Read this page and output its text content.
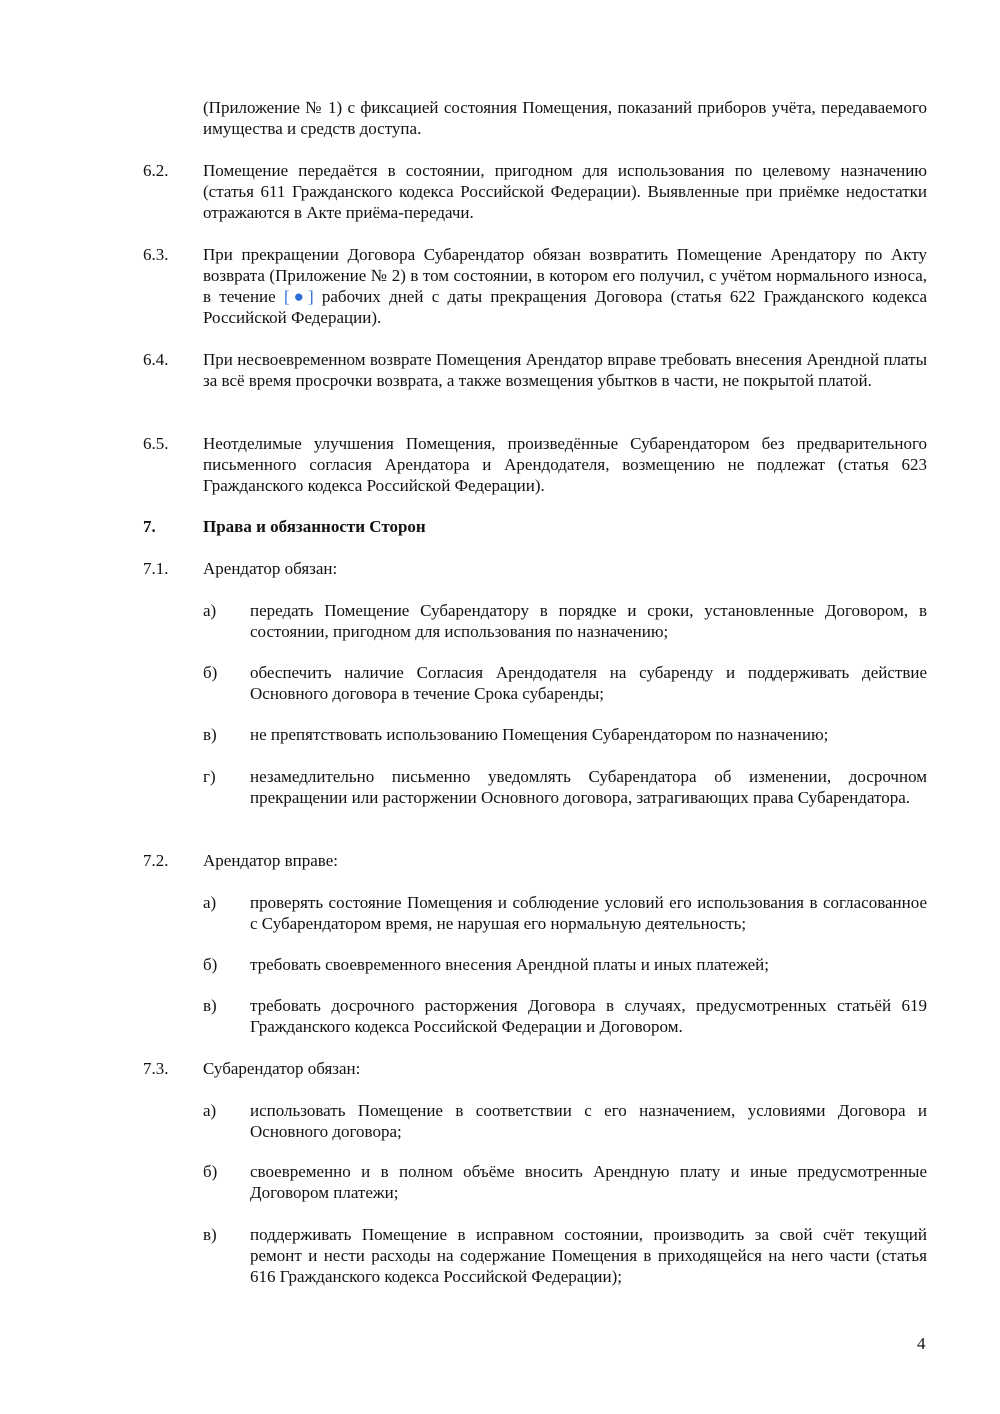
(Приложение № 1) с фиксацией состояния Помещения, показаний приборов учёта, передаваемого имущества и средств доступа.

6.2. Помещение передаётся в состоянии, пригодном для использования по целевому назначению (статья 611 Гражданского кодекса Российской Федерации). Выявленные при приёмке недостатки отражаются в Акте приёма-передачи.

6.3. При прекращении Договора Субарендатор обязан возвратить Помещение Арендатору по Акту возврата (Приложение № 2) в том состоянии, в котором его получил, с учётом нормального износа, в течение [●] рабочих дней с даты прекращения Договора (статья 622 Гражданского кодекса Российской Федерации).

6.4. При несвоевременном возврате Помещения Арендатор вправе требовать внесения Арендной платы за всё время просрочки возврата, а также возмещения убытков в части, не покрытой платой.

6.5. Неотделимые улучшения Помещения, произведённые Субарендатором без предварительного письменного согласия Арендатора и Арендодателя, возмещению не подлежат (статья 623 Гражданского кодекса Российской Федерации).

7.	Права и обязанности Сторон
7.1. Арендатор обязан:
а) передать Помещение Субарендатору в порядке и сроки, установленные Договором, в состоянии, пригодном для использования по назначению;

б) обеспечить наличие Согласия Арендодателя на субаренду и поддерживать действие Основного договора в течение Срока субаренды;

в) не препятствовать использованию Помещения Субарендатором по назначению;

г) незамедлительно письменно уведомлять Субарендатора об изменении, досрочном прекращении или расторжении Основного договора, затрагивающих права Субарендатора.

7.2. Арендатор вправе:
а) проверять состояние Помещения и соблюдение условий его использования в согласованное с Субарендатором время, не нарушая его нормальную деятельность;

б) требовать своевременного внесения Арендной платы и иных платежей;

в) требовать досрочного расторжения Договора в случаях, предусмотренных статьёй 619 Гражданского кодекса Российской Федерации и Договором.

7.3. Субарендатор обязан:
а) использовать Помещение в соответствии с его назначением, условиями Договора и Основного договора;

б) своевременно и в полном объёме вносить Арендную плату и иные предусмотренные Договором платежи;

в) поддерживать Помещение в исправном состоянии, производить за свой счёт текущий ремонт и нести расходы на содержание Помещения в приходящейся на него части (статья 616 Гражданского кодекса Российской Федерации);

4
